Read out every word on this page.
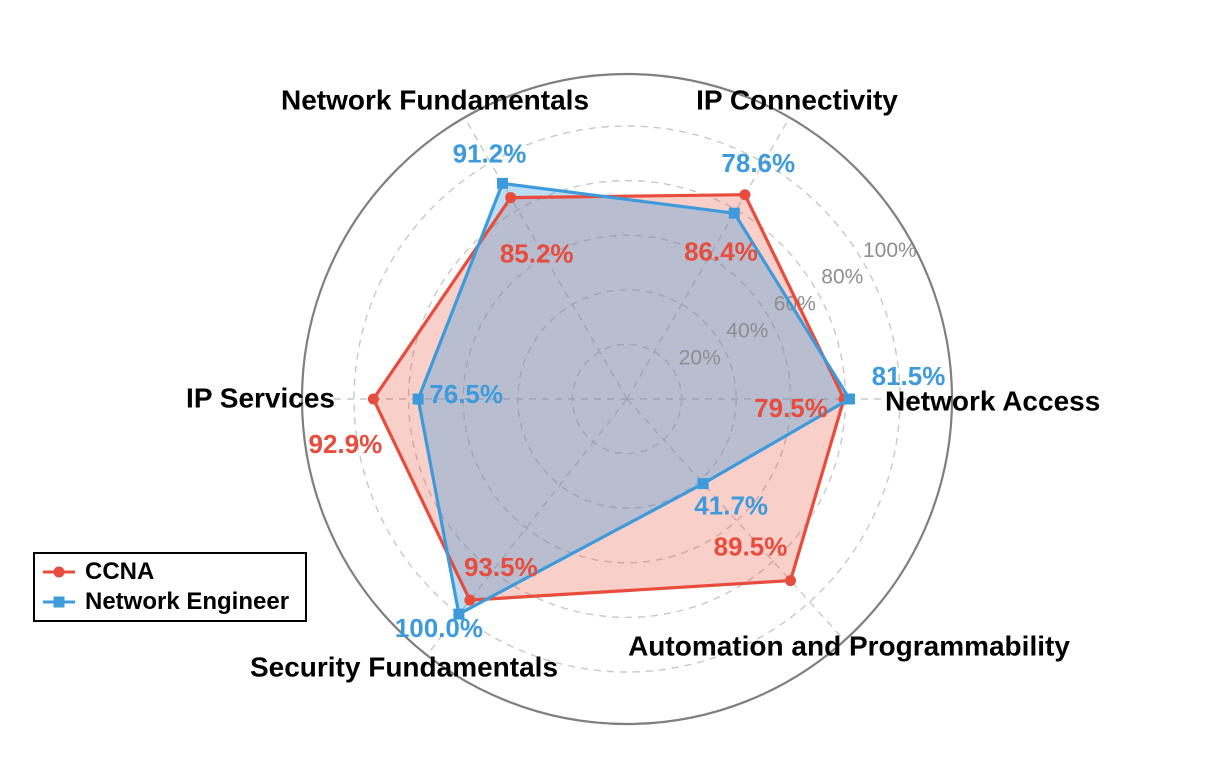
20%
40%
60%
80%
100%
79.5%
86.4%
85.2%
92.9%
93.5%
89.5%
81.5%
78.6%
91.2%
76.5%
100.0%
41.7%
Network Access
IP Connectivity
Network Fundamentals
IP Services
Security Fundamentals
Automation and Programmability
CCNA
Network Engineer
